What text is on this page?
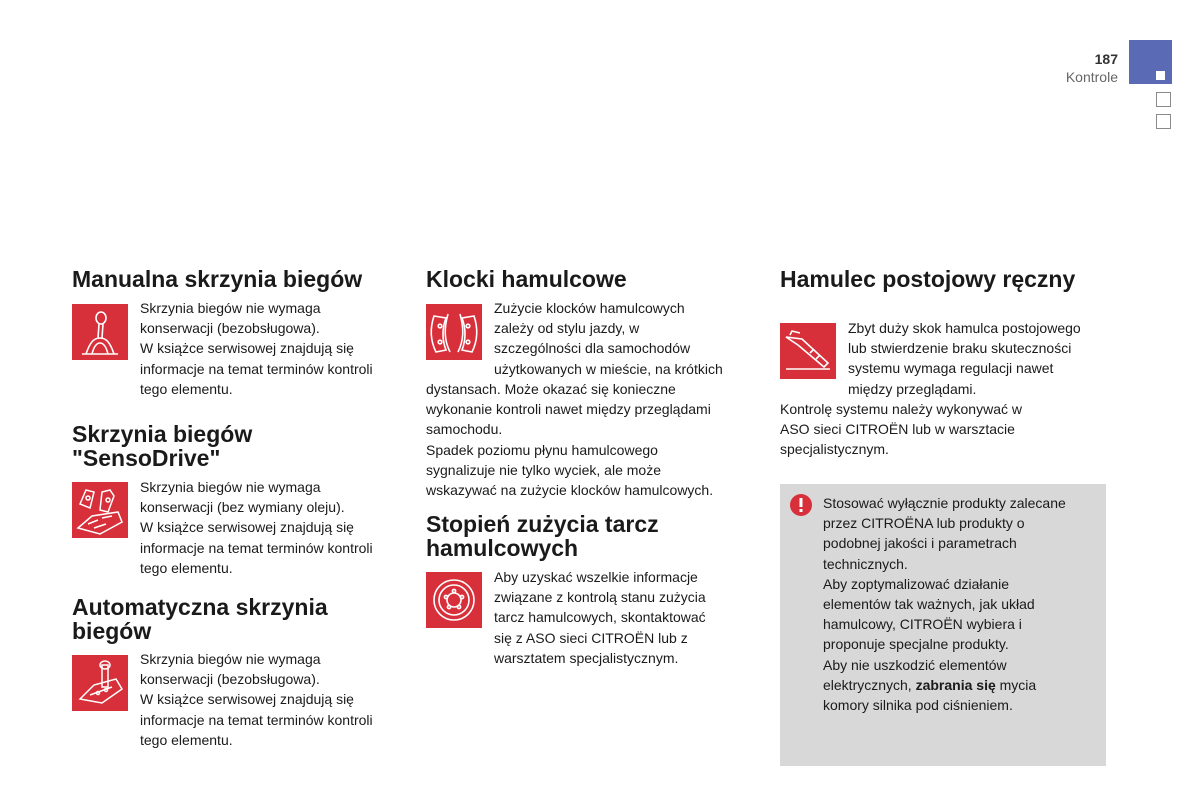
187
Kontrole
Manualna skrzynia biegów
Skrzynia biegów nie wymaga
konserwacji (bezobsługowa).
W książce serwisowej znajdują się
informacje na temat terminów kontroli
tego elementu.
Skrzynia biegów
"SensoDrive"
Skrzynia biegów nie wymaga
konserwacji (bez wymiany oleju).
W książce serwisowej znajdują się
informacje na temat terminów kontroli
tego elementu.
Automatyczna skrzynia
biegów
Skrzynia biegów nie wymaga
konserwacji (bezobsługowa).
W książce serwisowej znajdują się
informacje na temat terminów kontroli
tego elementu.
Klocki hamulcowe
Zużycie klocków hamulcowych
zależy od stylu jazdy, w
szczególności dla samochodów
użytkowanych w mieście, na krótkich
dystansach. Może okazać się konieczne
wykonanie kontroli nawet między przeglądami
samochodu.
Spadek poziomu płynu hamulcowego
sygnalizuje nie tylko wyciek, ale może
wskazywać na zużycie klocków hamulcowych.
Stopień zużycia tarcz
hamulcowych
Aby uzyskać wszelkie informacje
związane z kontrolą stanu zużycia
tarcz hamulcowych, skontaktować
się z ASO sieci CITROËN lub z
warsztatem specjalistycznym.
Hamulec postojowy ręczny
Zbyt duży skok hamulca postojowego
lub stwierdzenie braku skuteczności
systemu wymaga regulacji nawet
między przeglądami.
Kontrolę systemu należy wykonywać w
ASO sieci CITROËN lub w warsztacie
specjalistycznym.
Stosować wyłącznie produkty zalecane
przez CITROËNA lub produkty o
podobnej jakości i parametrach
technicznych.
Aby zoptymalizować działanie
elementów tak ważnych, jak układ
hamulcowy, CITROËN wybiera i
proponuje specjalne produkty.
Aby nie uszkodzić elementów
elektrycznych, zabrania się mycia
komory silnika pod ciśnieniem.
